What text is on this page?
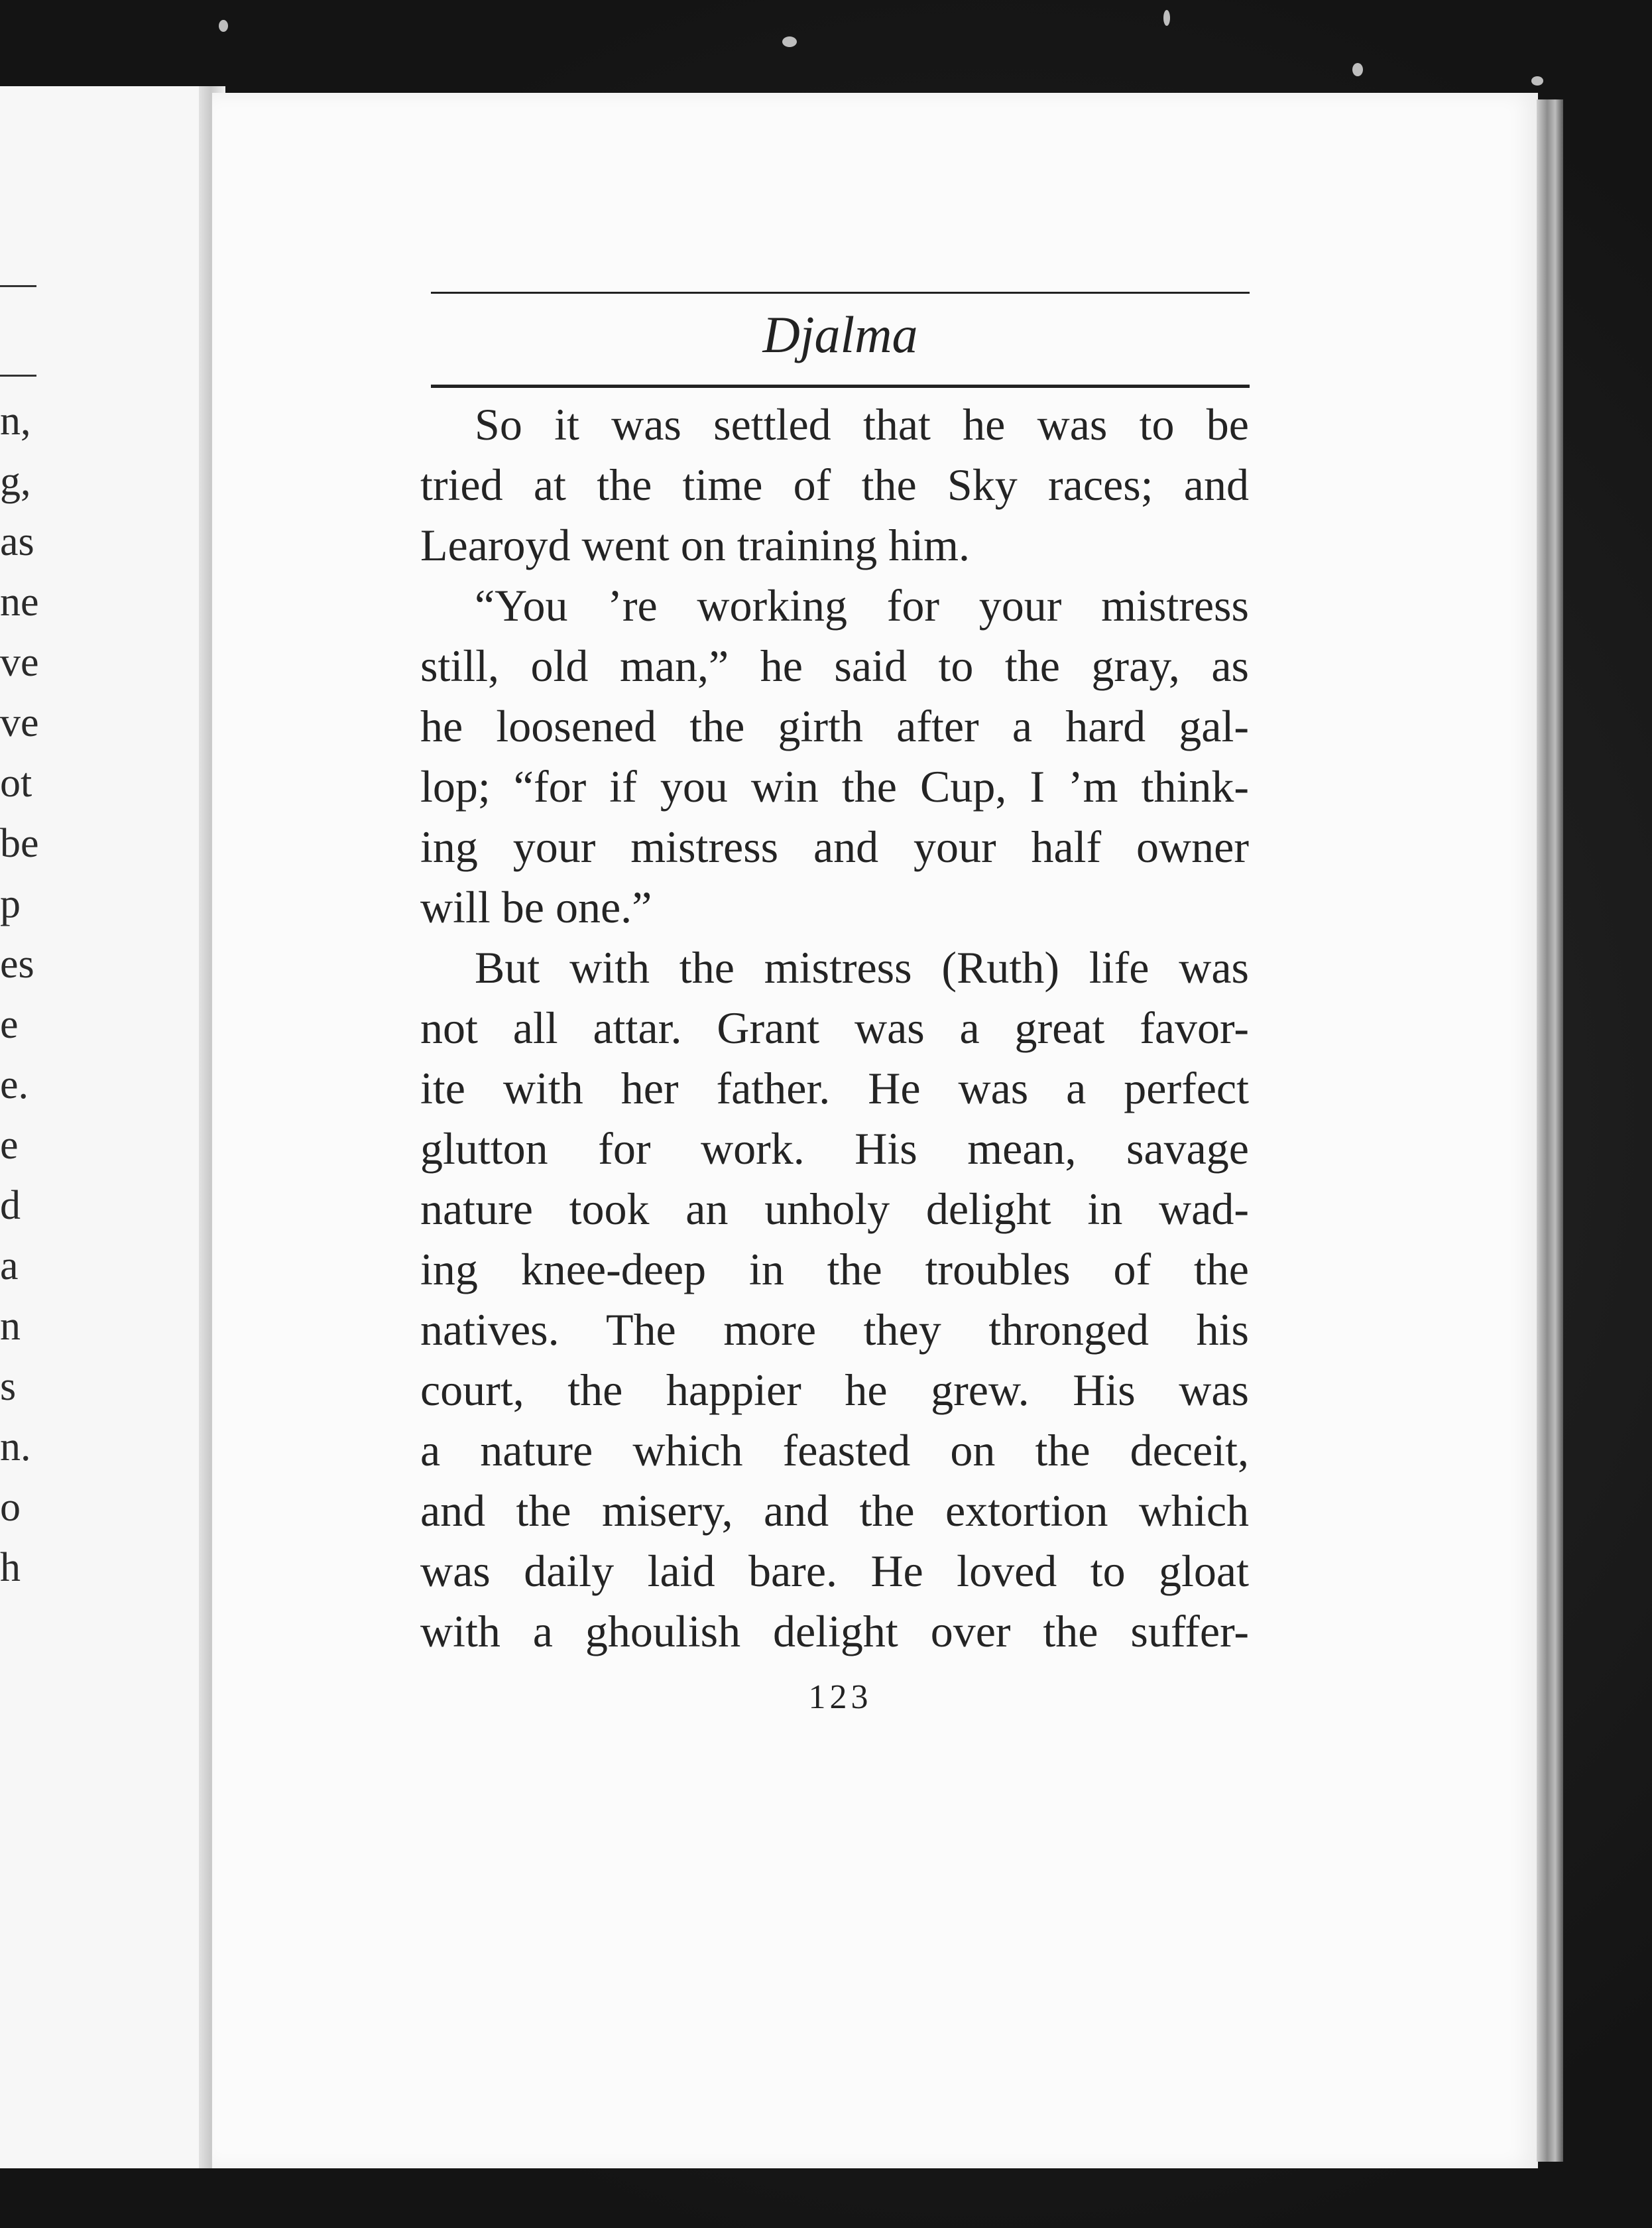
n,
g,
as
ne
ve
ve
ot
be
p
es
e
e.
e
d
a
n
s
n.
o
h
Djalma
So it was settled that he was to be
tried at the time of the Sky races; and
Learoyd went on training him.
“You ’re working for your mistress
still, old man,” he said to the gray, as
he loosened the girth after a hard gal-
lop; “for if you win the Cup, I ’m think-
ing your mistress and your half owner
will be one.”
But with the mistress (Ruth) life was
not all attar. Grant was a great favor-
ite with her father. He was a perfect
glutton for work. His mean, savage
nature took an unholy delight in wad-
ing knee-deep in the troubles of the
natives. The more they thronged his
court, the happier he grew. His was
a nature which feasted on the deceit,
and the misery, and the extortion which
was daily laid bare. He loved to gloat
with a ghoulish delight over the suffer-
123
